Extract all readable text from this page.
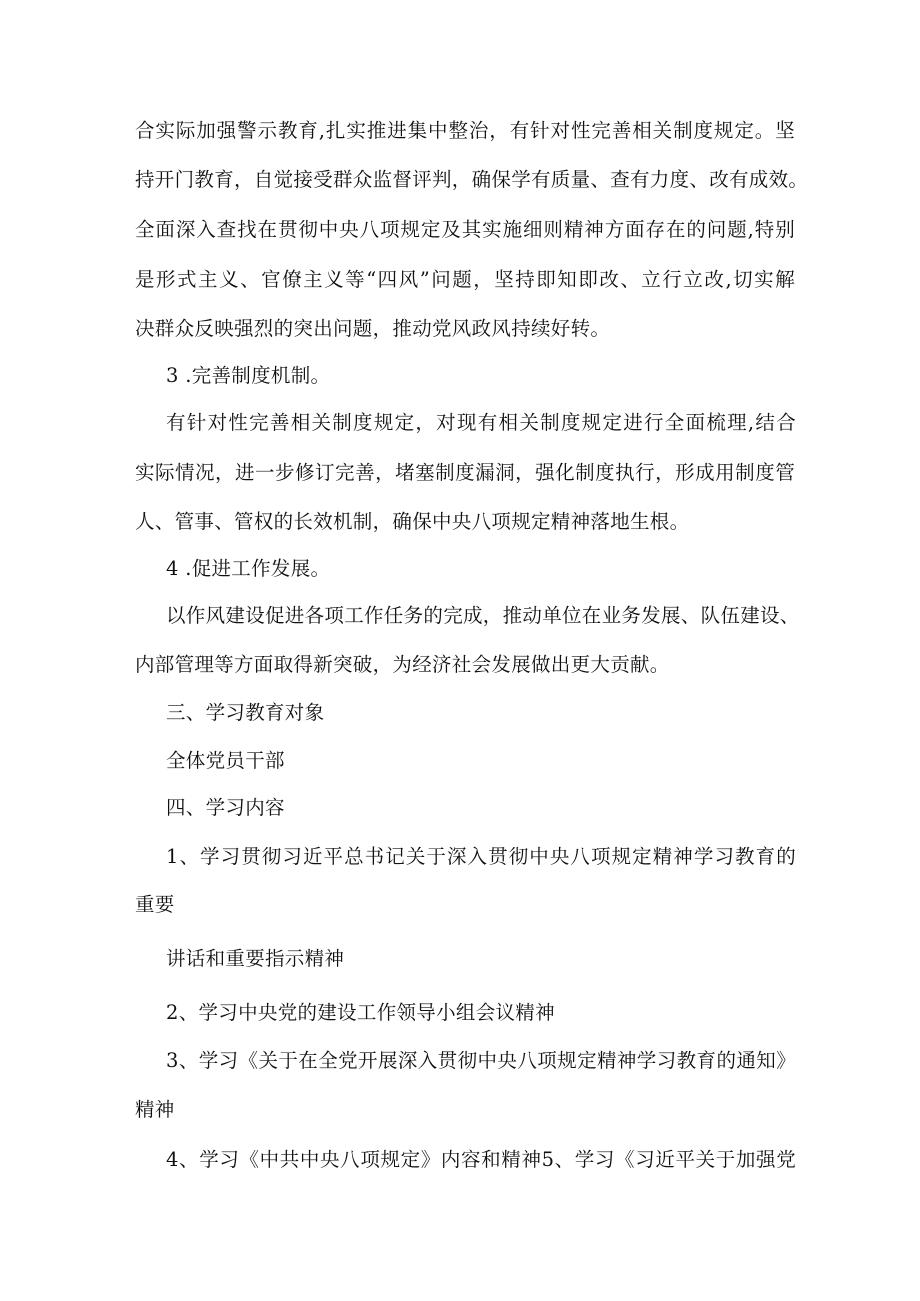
合实际加强警示教育,扎实推进集中整治，有针对性完善相关制度规定。坚
持开门教育，自觉接受群众监督评判，确保学有质量、查有力度、改有成效。
全面深入查找在贯彻中央八项规定及其实施细则精神方面存在的问题,特别
是形式主义、官僚主义等“四风”问题，坚持即知即改、立行立改,切实解
决群众反映强烈的突出问题，推动党风政风持续好转。
3 .完善制度机制。
有针对性完善相关制度规定，对现有相关制度规定进行全面梳理,结合
实际情况，进一步修订完善，堵塞制度漏洞，强化制度执行，形成用制度管
人、管事、管权的长效机制，确保中央八项规定精神落地生根。
4 .促进工作发展。
以作风建设促进各项工作任务的完成，推动单位在业务发展、队伍建设、
内部管理等方面取得新突破，为经济社会发展做出更大贡献。
三、学习教育对象
全体党员干部
四、学习内容
1、学习贯彻习近平总书记关于深入贯彻中央八项规定精神学习教育的
重要
讲话和重要指示精神
2、学习中央党的建设工作领导小组会议精神
3、学习《关于在全党开展深入贯彻中央八项规定精神学习教育的通知》
精神
4、学习《中共中央八项规定》内容和精神5、学习《习近平关于加强党
